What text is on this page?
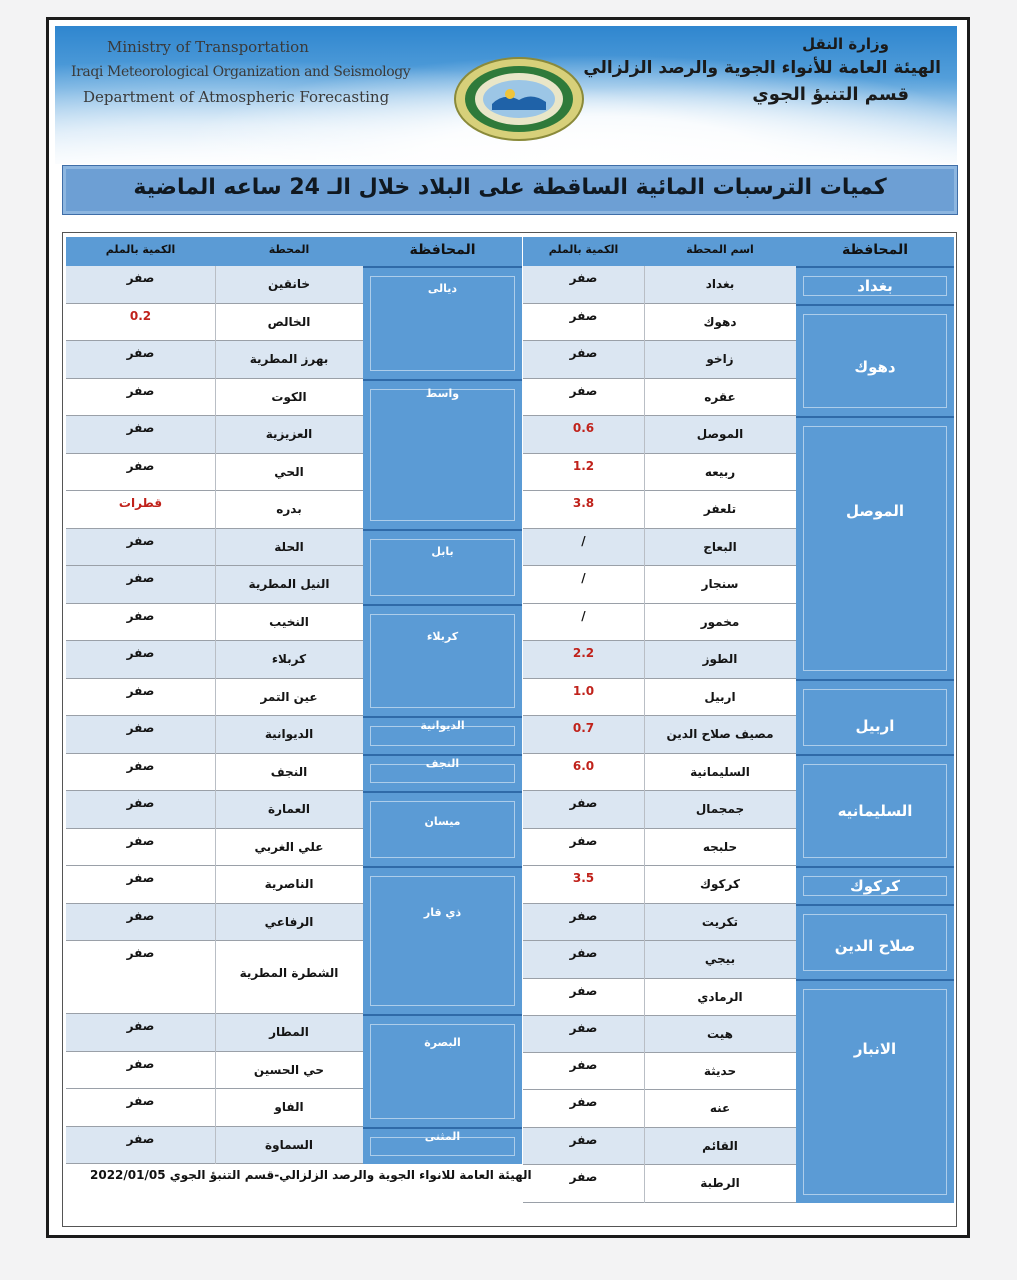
Ministry of Transportation
Iraqi Meteorological Organization and Seismology
Department of Atmospheric Forecasting
وزارة النقل
الهيئة العامة للأنواء الجوية والرصد الزلزالي
قسم التنبؤ الجوي
كميات الترسبات المائية الساقطة على البلاد خلال الـ 24 ساعه الماضية
المحافظة
اسم المحطة
الكمية بالملم
بغداد
صفر
دهوك
صفر
زاخو
صفر
عقره
صفر
الموصل
0.6
ربيعه
1.2
تلعفر
3.8
البعاج
/
سنجار
/
مخمور
/
الطوز
2.2
اربيل
1.0
مصيف صلاح الدين
0.7
السليمانية
6.0
جمجمال
صفر
حلبجه
صفر
كركوك
3.5
تكريت
صفر
بيجي
صفر
الرمادي
صفر
هيت
صفر
حديثة
صفر
عنه
صفر
القائم
صفر
الرطبة
صفر
بغداد
دهوك
الموصل
اربيل
السليمانيه
كركوك
صلاح الدين
الانبار
المحافظة
المحطة
الكمية بالملم
خانقين
صفر
الخالص
0.2
بهرز المطرية
صفر
الكوت
صفر
العزيزية
صفر
الحي
صفر
بدره
قطرات
الحلة
صفر
النيل المطرية
صفر
النخيب
صفر
كربلاء
صفر
عين التمر
صفر
الديوانية
صفر
النجف
صفر
العمارة
صفر
علي الغربي
صفر
الناصرية
صفر
الرفاعي
صفر
الشطرة المطرية
صفر
المطار
صفر
حي الحسين
صفر
الفاو
صفر
السماوة
صفر
ديالى
واسط
بابل
كربلاء
الديوانية
النجف
ميسان
ذي قار
البصرة
المثنى
الهيئة العامة للانواء الجوية والرصد الزلزالي-قسم التنبؤ الجوي 2022/01/05
